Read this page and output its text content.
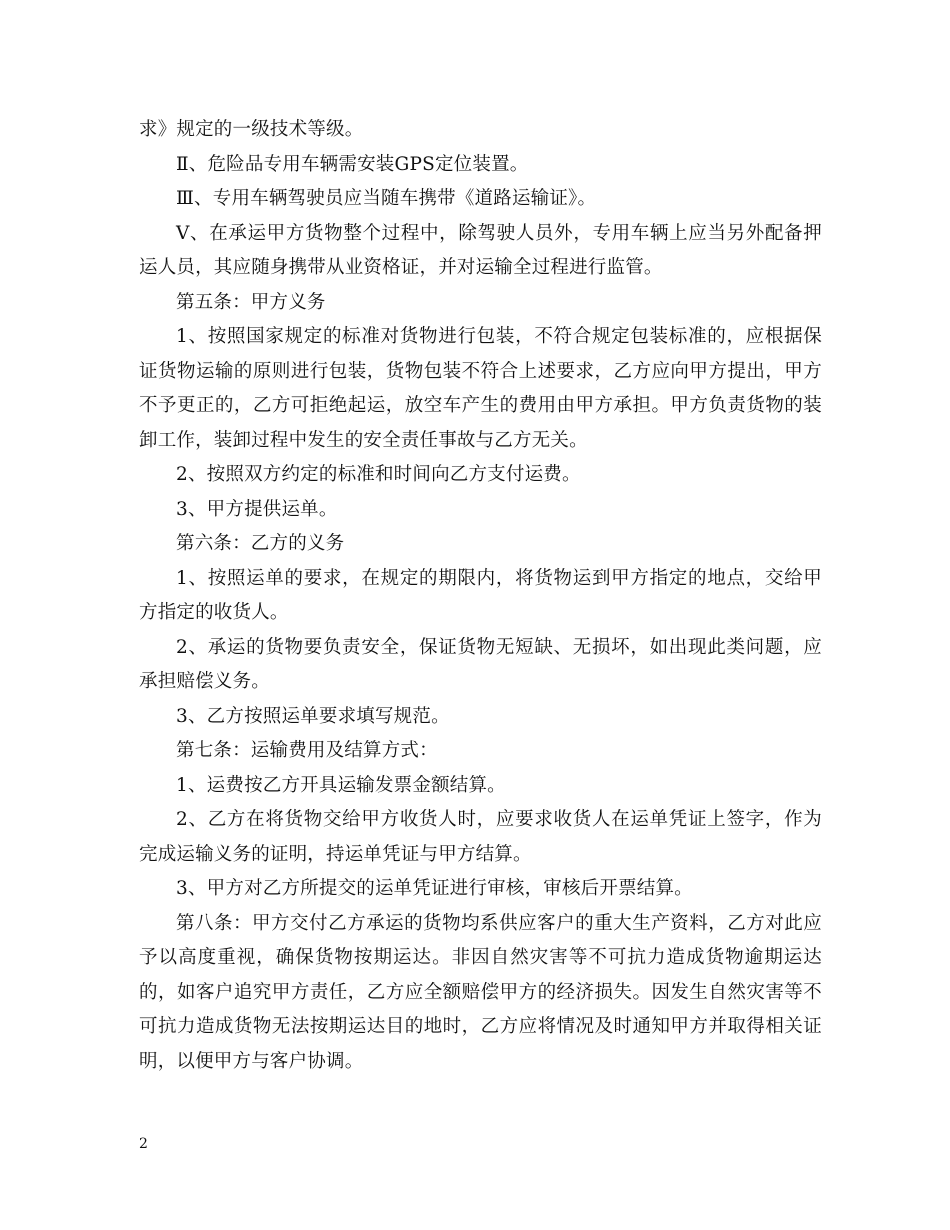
求》规定的一级技术等级。

Ⅱ、危险品专用车辆需安装GPS定位装置。

Ⅲ、专用车辆驾驶员应当随车携带《道路运输证》。

Ⅴ、在承运甲方货物整个过程中，除驾驶人员外，专用车辆上应当另外配备押运人员，其应随身携带从业资格证，并对运输全过程进行监管。

第五条：甲方义务

1、按照国家规定的标准对货物进行包装，不符合规定包装标准的，应根据保证货物运输的原则进行包装，货物包装不符合上述要求，乙方应向甲方提出，甲方不予更正的，乙方可拒绝起运，放空车产生的费用由甲方承担。甲方负责货物的装卸工作，装卸过程中发生的安全责任事故与乙方无关。

2、按照双方约定的标准和时间向乙方支付运费。

3、甲方提供运单。

第六条：乙方的义务

1、按照运单的要求，在规定的期限内，将货物运到甲方指定的地点，交给甲方指定的收货人。

2、承运的货物要负责安全，保证货物无短缺、无损坏，如出现此类问题，应承担赔偿义务。

3、乙方按照运单要求填写规范。

第七条：运输费用及结算方式：

1、运费按乙方开具运输发票金额结算。

2、乙方在将货物交给甲方收货人时，应要求收货人在运单凭证上签字，作为完成运输义务的证明，持运单凭证与甲方结算。

3、甲方对乙方所提交的运单凭证进行审核，审核后开票结算。

第八条：甲方交付乙方承运的货物均系供应客户的重大生产资料，乙方对此应予以高度重视，确保货物按期运达。非因自然灾害等不可抗力造成货物逾期运达的，如客户追究甲方责任，乙方应全额赔偿甲方的经济损失。因发生自然灾害等不可抗力造成货物无法按期运达目的地时，乙方应将情况及时通知甲方并取得相关证明，以便甲方与客户协调。

2
